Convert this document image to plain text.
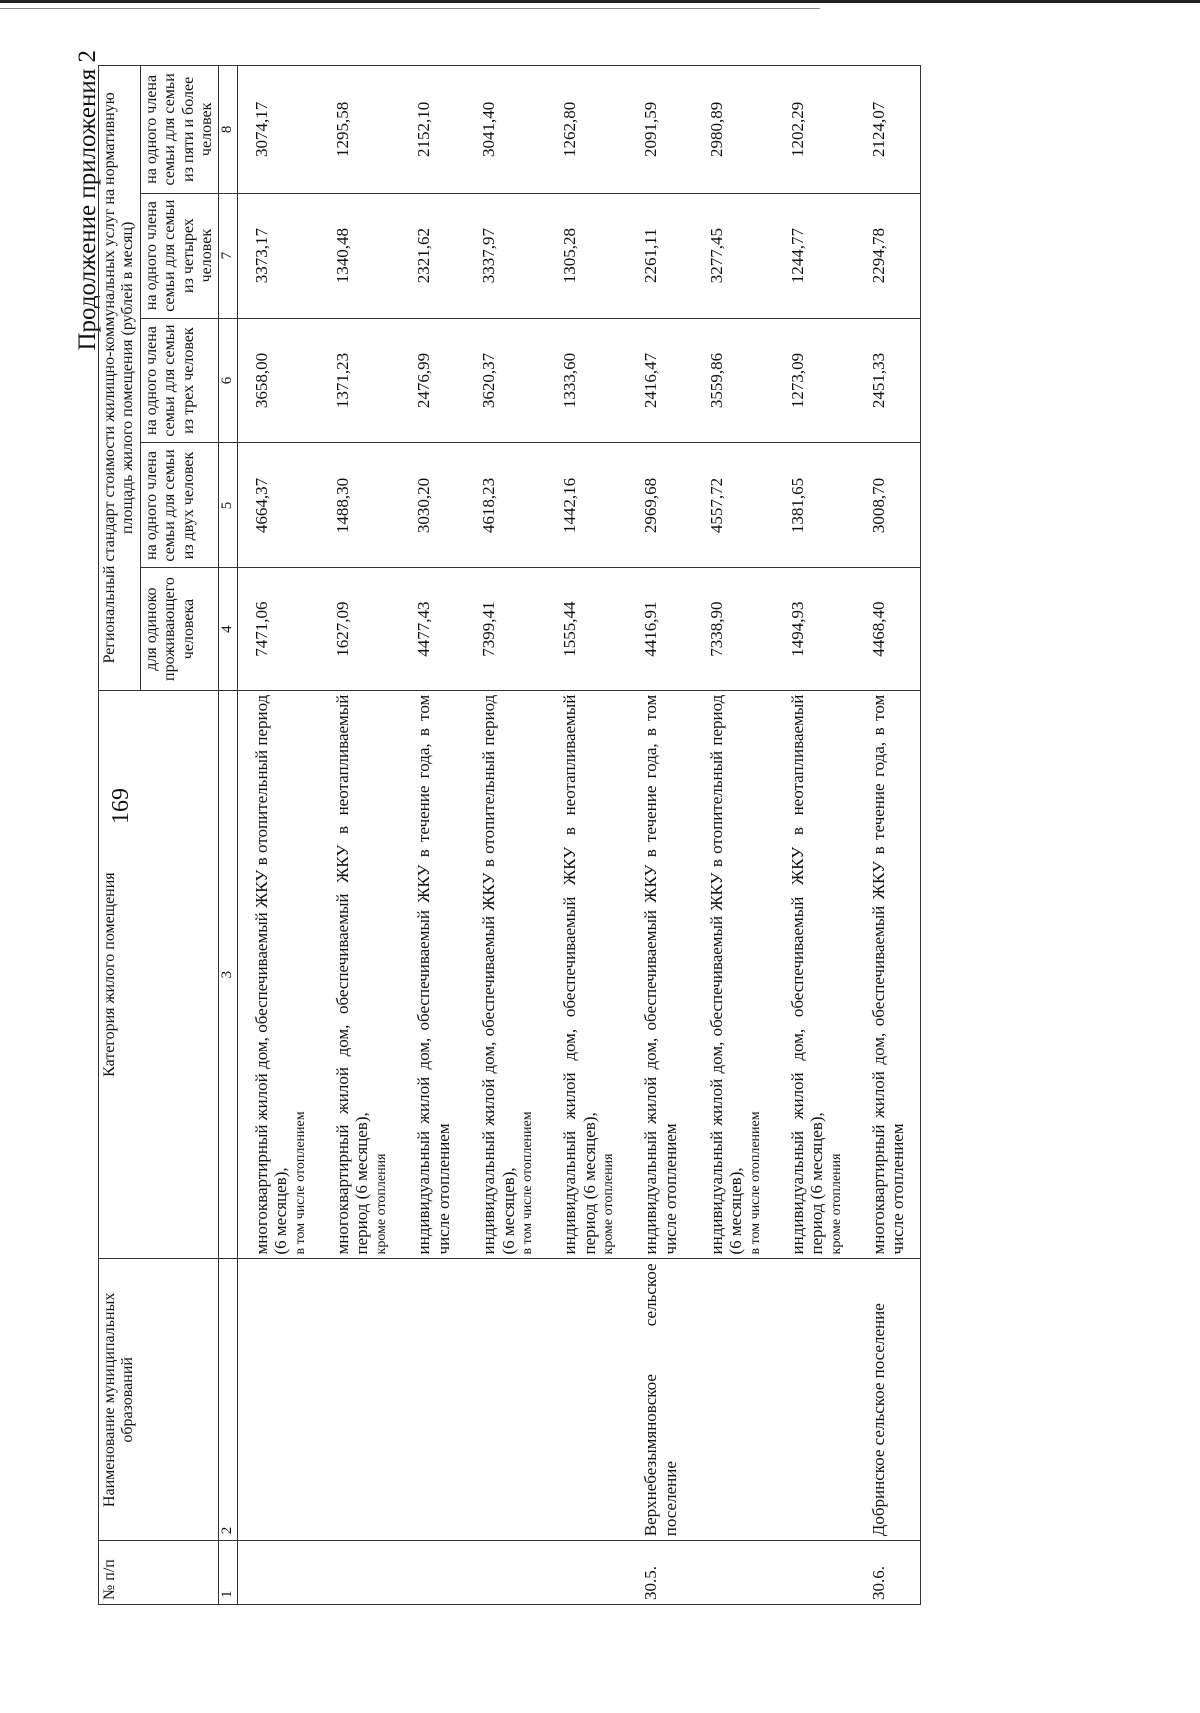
169
Продолжение приложения 2
№ п/п	Наименование муниципальных образований	Категория жилого помещения	Региональный стандарт стоимости жилищно-коммунальных услуг на нормативную площадь жилого помещения (рублей в месяц)				
			для одиноко проживающего человека	на одного члена семьи для семьи из двух человек	на одного члена семьи для семьи из трех человек	на одного члена семьи для семьи из четырех человек	на одного члена семьи для семьи из пяти и более человек
1	2	3	4	5	6	7	8
		многоквартирный жилой дом, обеспечиваемый ЖКУ в отопительный период (6 месяцев), в том числе отоплением	7471,06	4664,37	3658,00	3373,17	3074,17
		многоквартирный жилой дом, обеспечиваемый ЖКУ в неотапливаемый период (6 месяцев), кроме отопления	1627,09	1488,30	1371,23	1340,48	1295,58
		индивидуальный жилой дом, обеспечиваемый ЖКУ в течение года, в том числе отоплением	4477,43	3030,20	2476,99	2321,62	2152,10
		индивидуальный жилой дом, обеспечиваемый ЖКУ в отопительный период (6 месяцев), в том числе отоплением	7399,41	4618,23	3620,37	3337,97	3041,40
		индивидуальный жилой дом, обеспечиваемый ЖКУ в неотапливаемый период (6 месяцев), кроме отопления	1555,44	1442,16	1333,60	1305,28	1262,80
30.5.	Верхнебезымяновское сельское поселение	индивидуальный жилой дом, обеспечиваемый ЖКУ в течение года, в том числе отоплением	4416,91	2969,68	2416,47	2261,11	2091,59
		индивидуальный жилой дом, обеспечиваемый ЖКУ в отопительный период (6 месяцев), в том числе отоплением	7338,90	4557,72	3559,86	3277,45	2980,89
		индивидуальный жилой дом, обеспечиваемый ЖКУ в неотапливаемый период (6 месяцев), кроме отопления	1494,93	1381,65	1273,09	1244,77	1202,29
30.6.	Добринское сельское поселение	многоквартирный жилой дом, обеспечиваемый ЖКУ в течение года, в том числе отоплением	4468,40	3008,70	2451,33	2294,78	2124,07
